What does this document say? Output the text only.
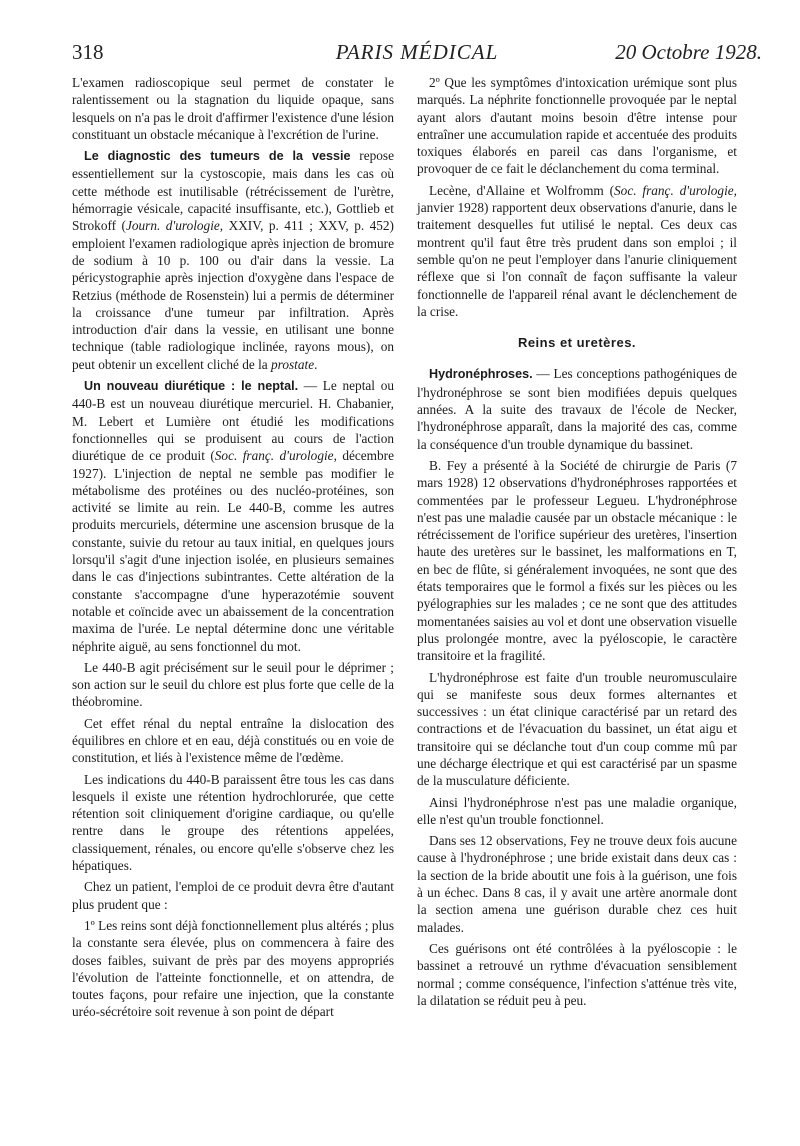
318	PARIS MÉDICAL	20 Octobre 1928.

L'examen radioscopique seul permet de constater le ralentissement ou la stagnation du liquide opaque, sans lesquels on n'a pas le droit d'affirmer l'existence d'une lésion constituant un obstacle mécanique à l'excrétion de l'urine.

Le diagnostic des tumeurs de la vessie repose essentiellement sur la cystoscopie, mais dans les cas où cette méthode est inutilisable (rétrécissement de l'urètre, hémorragie vésicale, capacité insuffisante, etc.), Gottlieb et Strokoff (Journ. d'urologie, XXIV, p. 411 ; XXV, p. 452) emploient l'examen radiologique après injection de bromure de sodium à 10 p. 100 ou d'air dans la vessie. La péricystographie après injection d'oxygène dans l'espace de Retzius (méthode de Rosenstein) lui a permis de déterminer la croissance d'une tumeur par infiltration. Après introduction d'air dans la vessie, en utilisant une bonne technique (table radiologique inclinée, rayons mous), on peut obtenir un excellent cliché de la prostate.

Un nouveau diurétique : le neptal. — Le neptal ou 440-B est un nouveau diurétique mercuriel. H. Chabanier, M. Lebert et Lumière ont étudié les modifications fonctionnelles qui se produisent au cours de l'action diurétique de ce produit (Soc. franç. d'urologie, décembre 1927). L'injection de neptal ne semble pas modifier le métabolisme des protéines ou des nucléo-protéines, son activité se limite au rein. Le 440-B, comme les autres produits mercuriels, détermine une ascension brusque de la constante, suivie du retour au taux initial, en quelques jours lorsqu'il s'agit d'une injection isolée, en plusieurs semaines dans le cas d'injections subintrantes. Cette altération de la constante s'accompagne d'une hyperazotémie souvent notable et coïncide avec un abaissement de la concentration maxima de l'urée. Le neptal détermine donc une véritable néphrite aiguë, au sens fonctionnel du mot.

Le 440-B agit précisément sur le seuil pour le déprimer ; son action sur le seuil du chlore est plus forte que celle de la théobromine.

Cet effet rénal du neptal entraîne la dislocation des équilibres en chlore et en eau, déjà constitués ou en voie de constitution, et liés à l'existence même de l'œdème.

Les indications du 440-B paraissent être tous les cas dans lesquels il existe une rétention hydrochlorurée, que cette rétention soit cliniquement d'origine cardiaque, ou qu'elle rentre dans le groupe des rétentions appelées, classiquement, rénales, ou encore qu'elle s'observe chez les hépatiques.

Chez un patient, l'emploi de ce produit devra être d'autant plus prudent que :

1º Les reins sont déjà fonctionnellement plus altérés ; plus la constante sera élevée, plus on commencera à faire des doses faibles, suivant de près par des moyens appropriés l'évolution de l'atteinte fonctionnelle, et on attendra, de toutes façons, pour refaire une injection, que la constante uréo-sécrétoire soit revenue à son point de départ

2º Que les symptômes d'intoxication urémique sont plus marqués. La néphrite fonctionnelle provoquée par le neptal ayant alors d'autant moins besoin d'être intense pour entraîner une accumulation rapide et accentuée des produits toxiques élaborés en pareil cas dans l'organisme, et provoquer de ce fait le déclanchement du coma terminal.

Lecène, d'Allaine et Wolfromm (Soc. franç. d'urologie, janvier 1928) rapportent deux observations d'anurie, dans le traitement desquelles fut utilisé le neptal. Ces deux cas montrent qu'il faut être très prudent dans son emploi ; il semble qu'on ne peut l'employer dans l'anurie cliniquement réflexe que si l'on connaît de façon suffisante la valeur fonctionnelle de l'appareil rénal avant le déclenchement de la crise.

Reins et uretères.

Hydronéphroses. — Les conceptions pathogéniques de l'hydronéphrose se sont bien modifiées depuis quelques années. A la suite des travaux de l'école de Necker, l'hydronéphrose apparaît, dans la majorité des cas, comme la conséquence d'un trouble dynamique du bassinet.

B. Fey a présenté à la Société de chirurgie de Paris (7 mars 1928) 12 observations d'hydronéphroses rapportées et commentées par le professeur Legueu. L'hydronéphrose n'est pas une maladie causée par un obstacle mécanique : le rétrécissement de l'orifice supérieur des uretères, l'insertion haute des uretères sur le bassinet, les malformations en T, en bec de flûte, si généralement invoquées, ne sont que des états temporaires que le formol a fixés sur les pièces ou les pyélographies sur les malades ; ce ne sont que des attitudes momentanées saisies au vol et dont une observation visuelle plus prolongée montre, avec la pyéloscopie, le caractère transitoire et la fragilité.

L'hydronéphrose est faite d'un trouble neuromusculaire qui se manifeste sous deux formes alternantes et successives : un état clinique caractérisé par un retard des contractions et de l'évacuation du bassinet, un état aigu et transitoire qui se déclanche tout d'un coup comme mû par une décharge électrique et qui est caractérisé par un spasme de la musculature déficiente.

Ainsi l'hydronéphrose n'est pas une maladie organique, elle n'est qu'un trouble fonctionnel.

Dans ses 12 observations, Fey ne trouve deux fois aucune cause à l'hydronéphrose ; une bride existait dans deux cas : la section de la bride aboutit une fois à la guérison, une fois à un échec. Dans 8 cas, il y avait une artère anormale dont la section amena une guérison durable chez ces huit malades.

Ces guérisons ont été contrôlées à la pyéloscopie : le bassinet a retrouvé un rythme d'évacuation sensiblement normal ; comme conséquence, l'infection s'atténue très vite, la dilatation se réduit peu à peu.
